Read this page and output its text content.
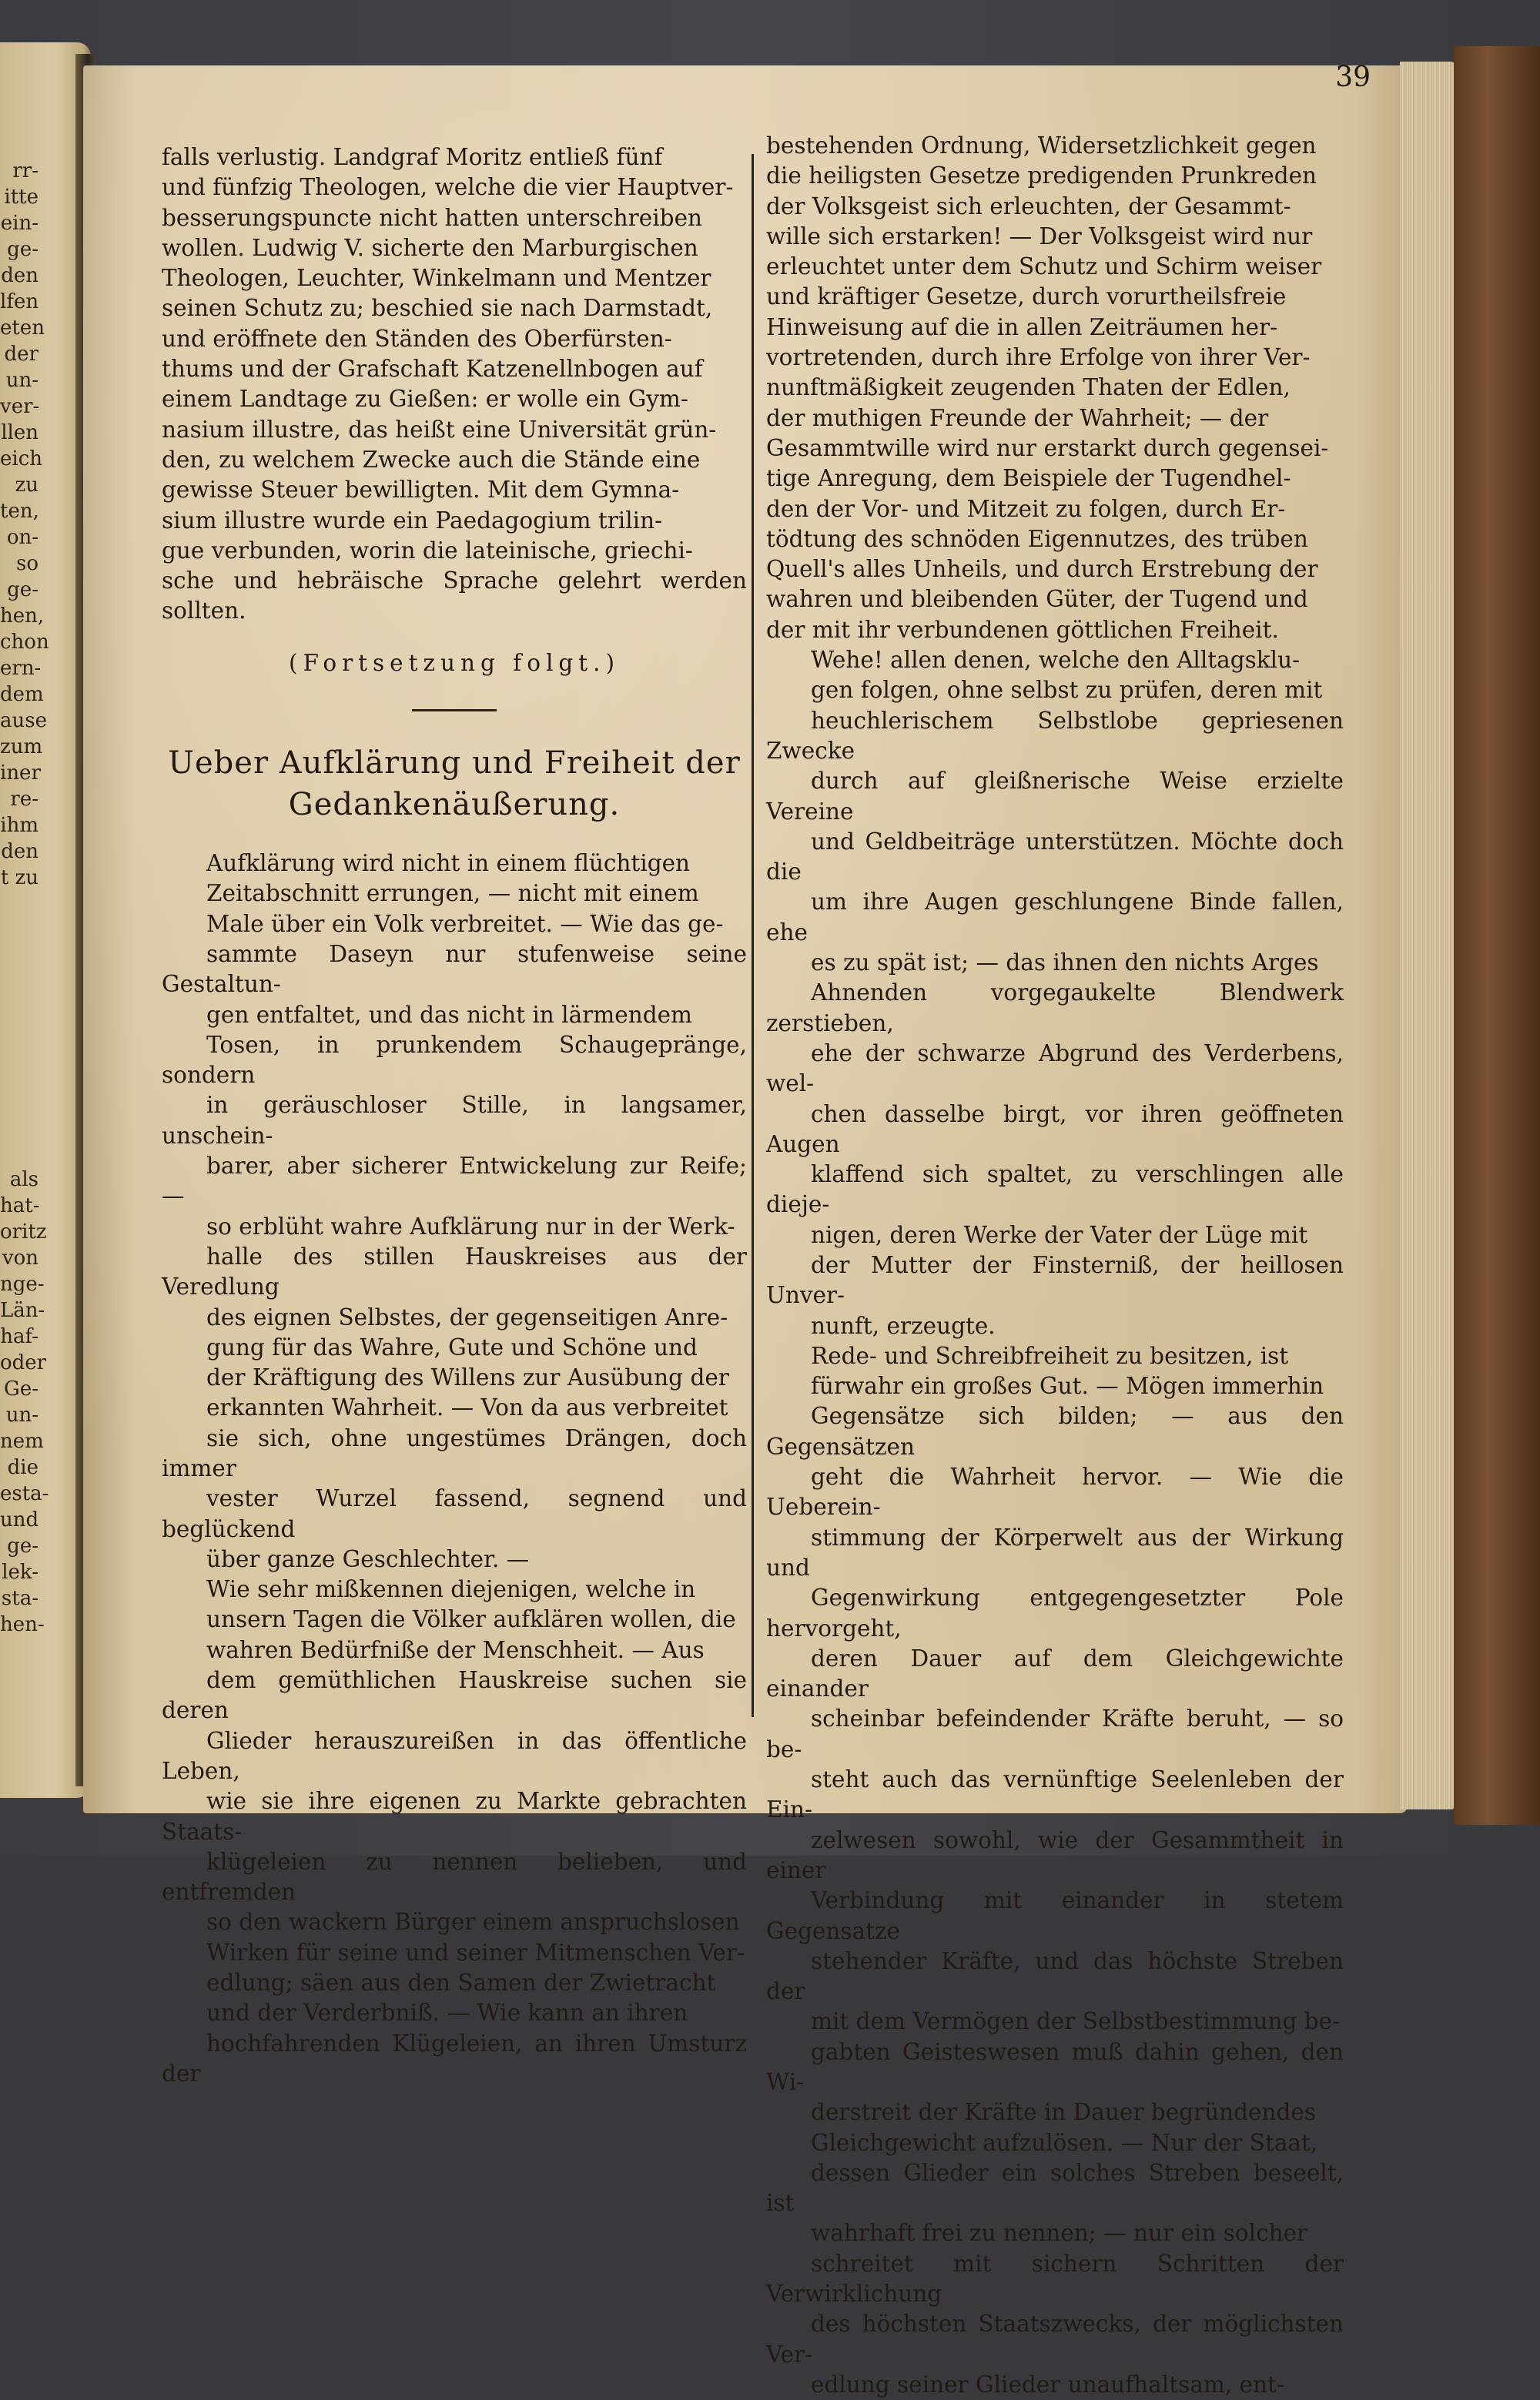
rr-
itte
ein-
ge-
den
lfen
eten
der
un-
ver-
llen
eich
zu
ten,
on-
so
ge-
hen,
chon
ern-
dem
ause
zum
iner
re-
ihm
den
t zu
als
hat-
oritz
von
nge-
Län-
haf-
oder
Ge-
un-
nem
die
esta-
und
ge-
lek-
sta-
hen-
39

falls verlustig. Landgraf Moritz entließ fünf
und fünfzig Theologen, welche die vier Hauptver-
besserungspuncte nicht hatten unterschreiben
wollen. Ludwig V. sicherte den Marburgischen
Theologen, Leuchter, Winkelmann und Mentzer
seinen Schutz zu; beschied sie nach Darmstadt,
und eröffnete den Ständen des Oberfürsten-
thums und der Grafschaft Katzenellnbogen auf
einem Landtage zu Gießen: er wolle ein Gym-
nasium illustre, das heißt eine Universität grün-
den, zu welchem Zwecke auch die Stände eine
gewisse Steuer bewilligten. Mit dem Gymna-
sium illustre wurde ein Paedagogium trilin-
gue verbunden, worin die lateinische, griechi-
sche und hebräische Sprache gelehrt werden sollten.

(Fortsetzung folgt.)

Ueber Aufklärung und Freiheit der
Gedankenäußerung.

Aufklärung wird nicht in einem flüchtigen
Zeitabschnitt errungen, — nicht mit einem
Male über ein Volk verbreitet. — Wie das ge-
sammte Daseyn nur stufenweise seine Gestaltun-
gen entfaltet, und das nicht in lärmendem
Tosen, in prunkendem Schaugepränge, sondern
in geräuschloser Stille, in langsamer, unschein-
barer, aber sicherer Entwickelung zur Reife; —
so erblüht wahre Aufklärung nur in der Werk-
halle des stillen Hauskreises aus der Veredlung
des eignen Selbstes, der gegenseitigen Anre-
gung für das Wahre, Gute und Schöne und
der Kräftigung des Willens zur Ausübung der
erkannten Wahrheit. — Von da aus verbreitet
sie sich, ohne ungestümes Drängen, doch immer
vester Wurzel fassend, segnend und beglückend
über ganze Geschlechter. —

Wie sehr mißkennen diejenigen, welche in
unsern Tagen die Völker aufklären wollen, die
wahren Bedürfniße der Menschheit. — Aus
dem gemüthlichen Hauskreise suchen sie deren
Glieder herauszureißen in das öffentliche Leben,
wie sie ihre eigenen zu Markte gebrachten Staats-
klügeleien zu nennen belieben, und entfremden
so den wackern Bürger einem anspruchslosen
Wirken für seine und seiner Mitmenschen Ver-
edlung; säen aus den Samen der Zwietracht
und der Verderbniß. — Wie kann an ihren
hochfahrenden Klügeleien, an ihren Umsturz der

bestehenden Ordnung, Widersetzlichkeit gegen
die heiligsten Gesetze predigenden Prunkreden
der Volksgeist sich erleuchten, der Gesammt-
wille sich erstarken! — Der Volksgeist wird nur
erleuchtet unter dem Schutz und Schirm weiser
und kräftiger Gesetze, durch vorurtheilsfreie
Hinweisung auf die in allen Zeiträumen her-
vortretenden, durch ihre Erfolge von ihrer Ver-
nunftmäßigkeit zeugenden Thaten der Edlen,
der muthigen Freunde der Wahrheit; — der
Gesammtwille wird nur erstarkt durch gegensei-
tige Anregung, dem Beispiele der Tugendhel-
den der Vor- und Mitzeit zu folgen, durch Er-
tödtung des schnöden Eigennutzes, des trüben
Quell's alles Unheils, und durch Erstrebung der
wahren und bleibenden Güter, der Tugend und
der mit ihr verbundenen göttlichen Freiheit.

Wehe! allen denen, welche den Alltagsklu-
gen folgen, ohne selbst zu prüfen, deren mit
heuchlerischem Selbstlobe gepriesenen Zwecke
durch auf gleißnerische Weise erzielte Vereine
und Geldbeiträge unterstützen. Möchte doch die
um ihre Augen geschlungene Binde fallen, ehe
es zu spät ist; — das ihnen den nichts Arges
Ahnenden vorgegaukelte Blendwerk zerstieben,
ehe der schwarze Abgrund des Verderbens, wel-
chen dasselbe birgt, vor ihren geöffneten Augen
klaffend sich spaltet, zu verschlingen alle dieje-
nigen, deren Werke der Vater der Lüge mit
der Mutter der Finsterniß, der heillosen Unver-
nunft, erzeugte.

Rede- und Schreibfreiheit zu besitzen, ist
fürwahr ein großes Gut. — Mögen immerhin
Gegensätze sich bilden; — aus den Gegensätzen
geht die Wahrheit hervor. — Wie die Ueberein-
stimmung der Körperwelt aus der Wirkung und
Gegenwirkung entgegengesetzter Pole hervorgeht,
deren Dauer auf dem Gleichgewichte einander
scheinbar befeindender Kräfte beruht, — so be-
steht auch das vernünftige Seelenleben der Ein-
zelwesen sowohl, wie der Gesammtheit in einer
Verbindung mit einander in stetem Gegensatze
stehender Kräfte, und das höchste Streben der
mit dem Vermögen der Selbstbestimmung be-
gabten Geisteswesen muß dahin gehen, den Wi-
derstreit der Kräfte in Dauer begründendes
Gleichgewicht aufzulösen. — Nur der Staat,
dessen Glieder ein solches Streben beseelt, ist
wahrhaft frei zu nennen; — nur ein solcher
schreitet mit sichern Schritten der Verwirklichung
des höchsten Staatszwecks, der möglichsten Ver-
edlung seiner Glieder unaufhaltsam, ent-
